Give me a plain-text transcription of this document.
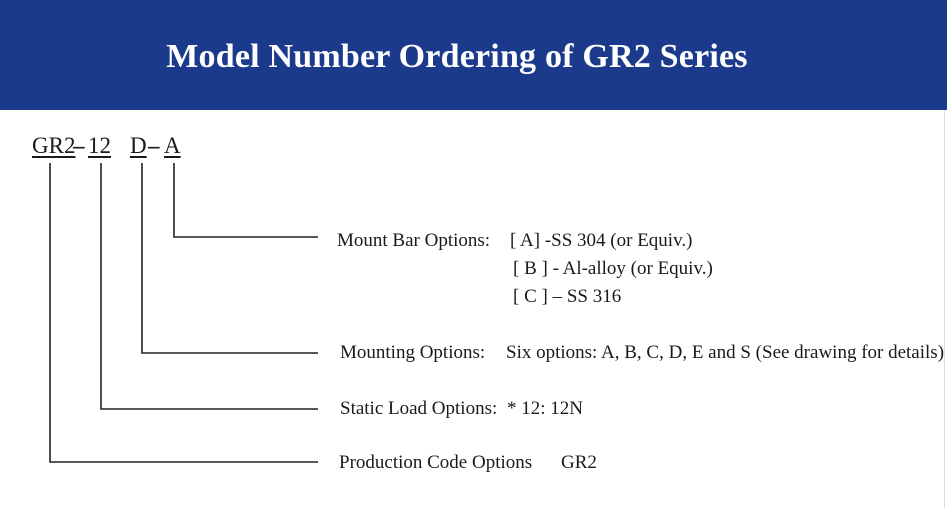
Model Number Ordering of GR2 Series
GR2
– 12 D – A
Mount Bar Options: [ A] -SS 304 (or Equiv.)
[ B ] - Al-alloy (or Equiv.)
[ C ] – SS 316
Mounting Options: Six options: A, B, C, D, E and S (See drawing for details)
Static Load Options: * 12: 12N
Production Code Options GR2
